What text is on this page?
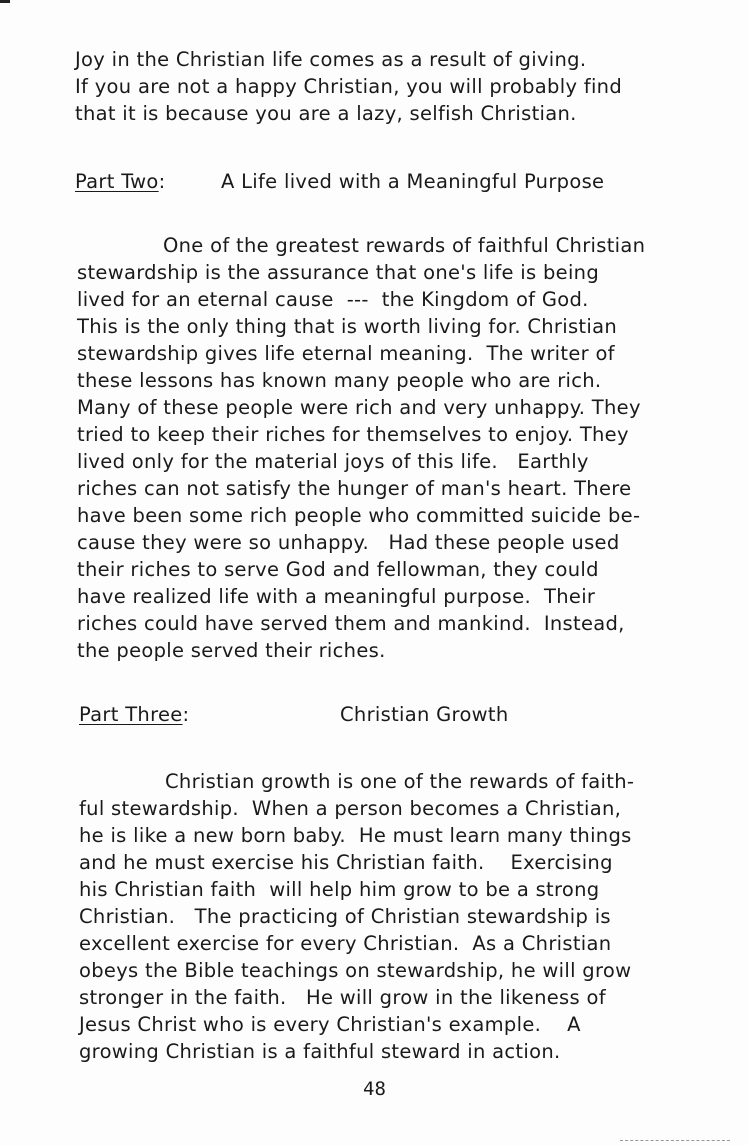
Joy in the Christian life comes as a result of giving.
If you are not a happy Christian, you will probably find
that it is because you are a lazy, selfish Christian.
Part Two:	A Life lived with a Meaningful Purpose
One of the greatest rewards of faithful Christian
stewardship is the assurance that one's life is being
lived for an eternal cause  ---  the Kingdom of God.
This is the only thing that is worth living for. Christian
stewardship gives life eternal meaning.  The writer of
these lessons has known many people who are rich.
Many of these people were rich and very unhappy. They
tried to keep their riches for themselves to enjoy. They
lived only for the material joys of this life.   Earthly
riches can not satisfy the hunger of man's heart. There
have been some rich people who committed suicide be-
cause they were so unhappy.   Had these people used
their riches to serve God and fellowman, they could
have realized life with a meaningful purpose.  Their
riches could have served them and mankind.  Instead,
the people served their riches.
Part Three:	Christian Growth
Christian growth is one of the rewards of faith-
ful stewardship.  When a person becomes a Christian,
he is like a new born baby.  He must learn many things
and he must exercise his Christian faith.    Exercising
his Christian faith  will help him grow to be a strong
Christian.   The practicing of Christian stewardship is
excellent exercise for every Christian.  As a Christian
obeys the Bible teachings on stewardship, he will grow
stronger in the faith.   He will grow in the likeness of
Jesus Christ who is every Christian's example.    A
growing Christian is a faithful steward in action.
48
